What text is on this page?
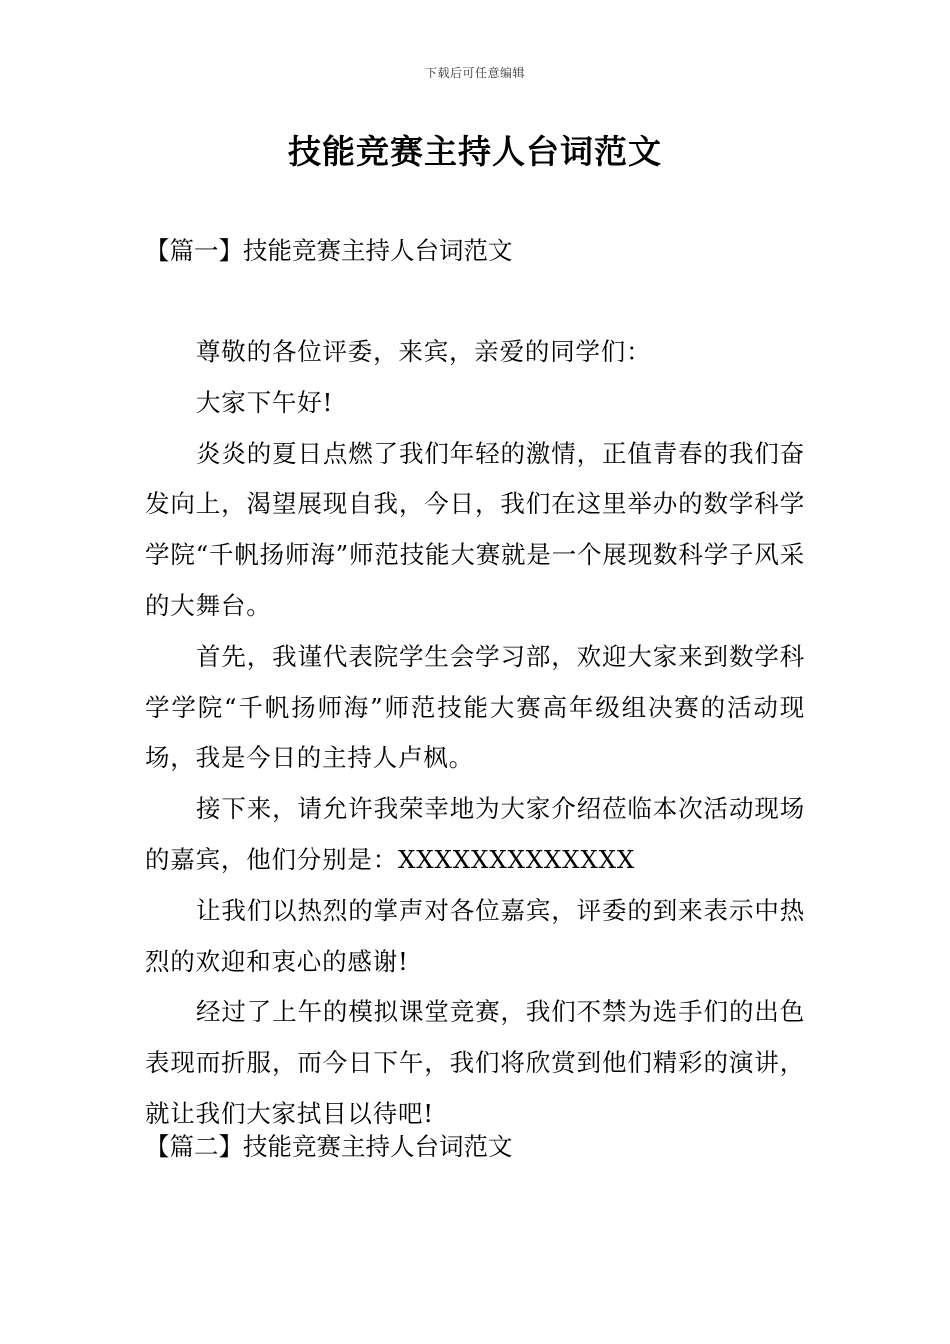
下载后可任意编辑
技能竞赛主持人台词范文
【篇一】技能竞赛主持人台词范文

尊敬的各位评委，来宾，亲爱的同学们：

大家下午好!

炎炎的夏日点燃了我们年轻的激情，正值青春的我们奋发向上，渴望展现自我，今日，我们在这里举办的数学科学学院“千帆扬师海”师范技能大赛就是一个展现数科学子风采的大舞台。

首先，我谨代表院学生会学习部，欢迎大家来到数学科学学院“千帆扬师海”师范技能大赛高年级组决赛的活动现场，我是今日的主持人卢枫。

接下来，请允许我荣幸地为大家介绍莅临本次活动现场的嘉宾，他们分别是：XXXXXXXXXXXXX

让我们以热烈的掌声对各位嘉宾，评委的到来表示中热烈的欢迎和衷心的感谢!

经过了上午的模拟课堂竞赛，我们不禁为选手们的出色表现而折服，而今日下午，我们将欣赏到他们精彩的演讲，就让我们大家拭目以待吧!

【篇二】技能竞赛主持人台词范文
